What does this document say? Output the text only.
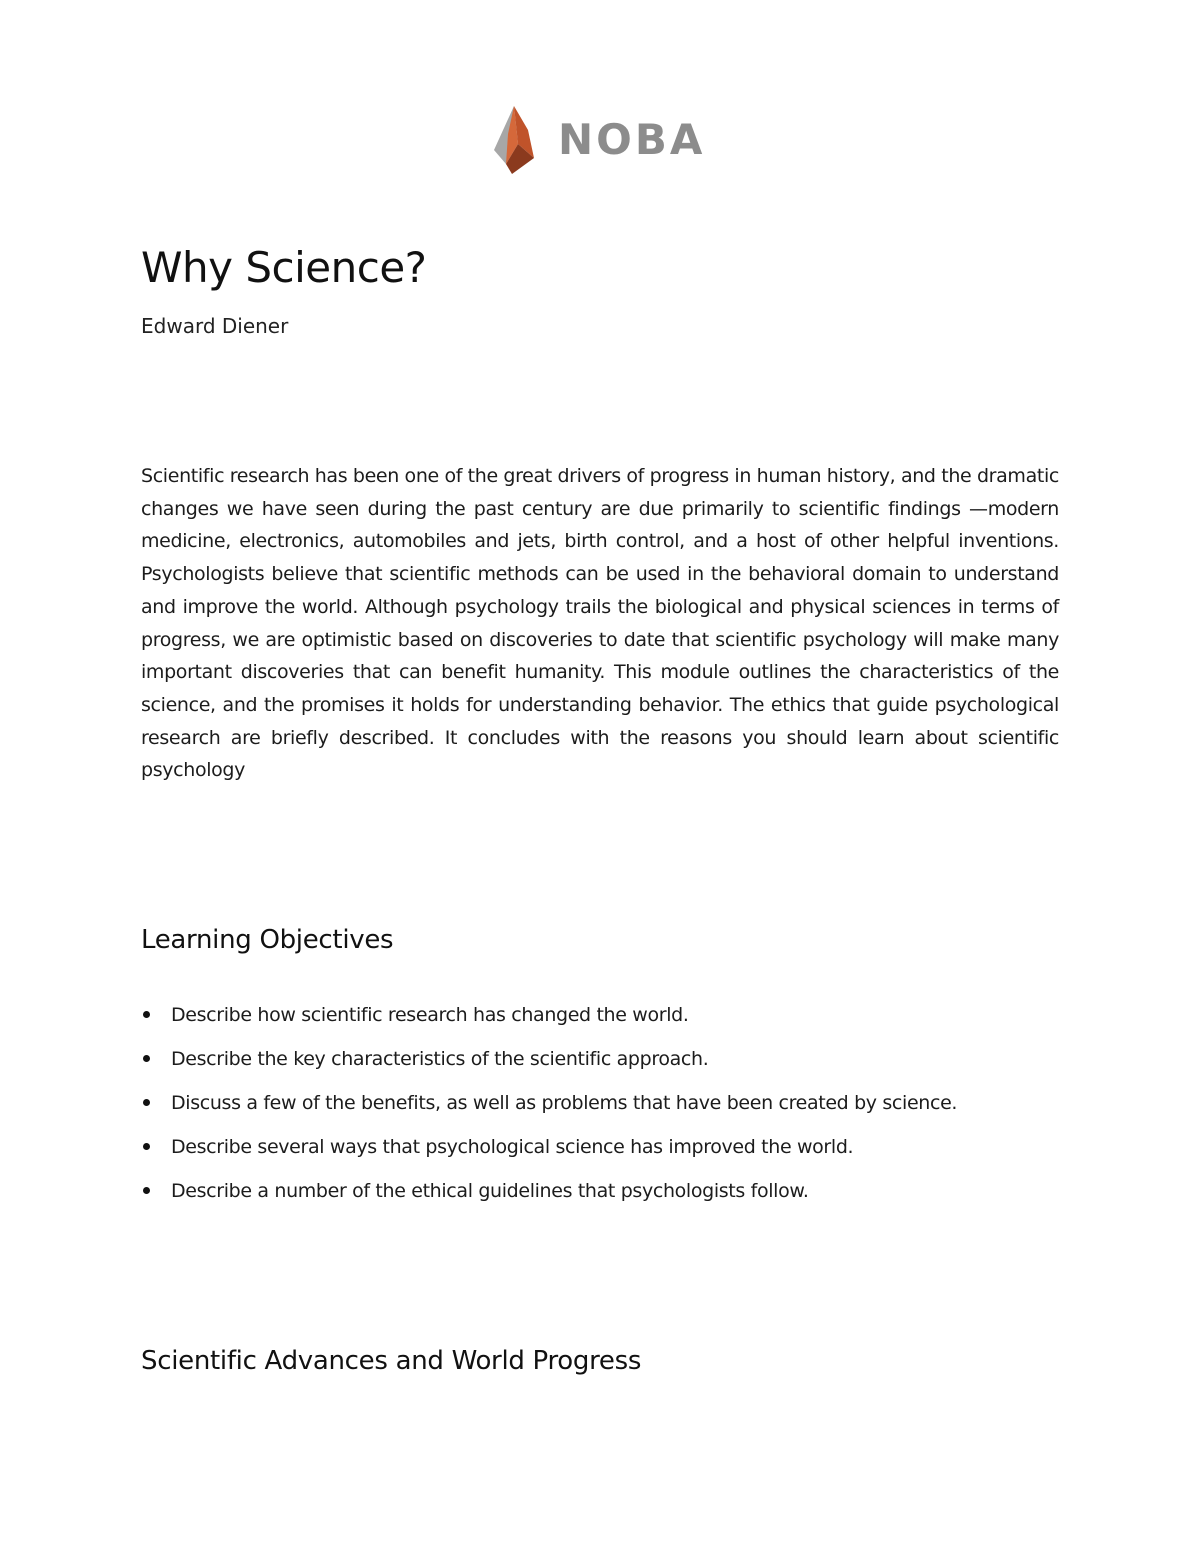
NOBA
Why Science?

Edward Diener

Scientific research has been one of the great drivers of progress in human history, and the dramatic changes we have seen during the past century are due primarily to scientific findings —modern medicine, electronics, automobiles and jets, birth control, and a host of other helpful inventions. Psychologists believe that scientific methods can be used in the behavioral domain to understand and improve the world. Although psychology trails the biological and physical sciences in terms of progress, we are optimistic based on discoveries to date that scientific psychology will make many important discoveries that can benefit humanity. This module outlines the characteristics of the science, and the promises it holds for understanding behavior. The ethics that guide psychological research are briefly described. It concludes with the reasons you should learn about scientific psychology

Learning Objectives
Describe how scientific research has changed the world.
Describe the key characteristics of the scientific approach.
Discuss a few of the benefits, as well as problems that have been created by science.
Describe several ways that psychological science has improved the world.
Describe a number of the ethical guidelines that psychologists follow.
Scientific Advances and World Progress
